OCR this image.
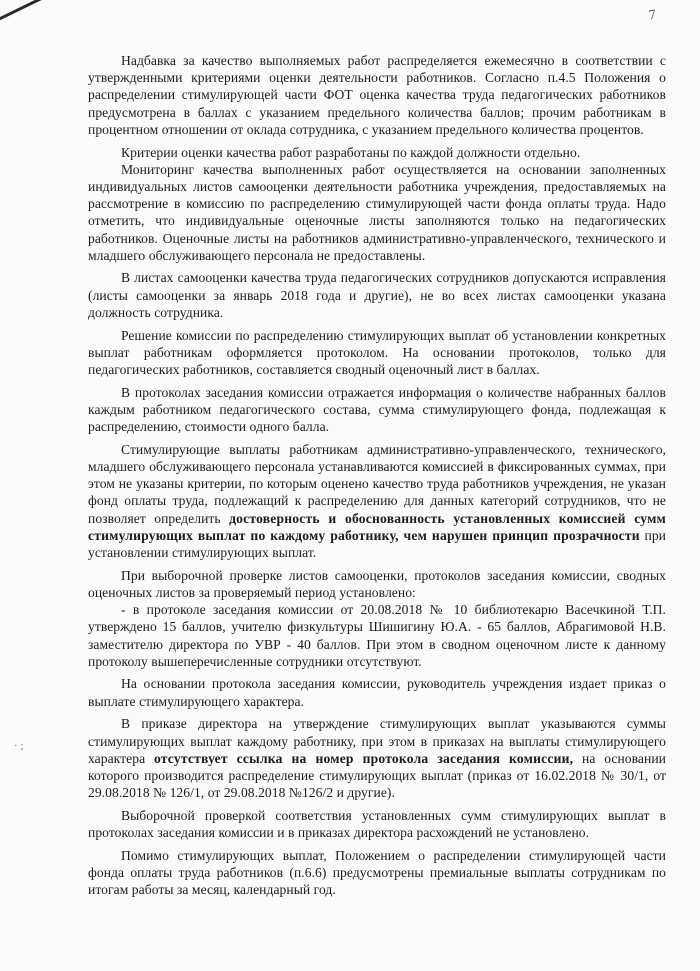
7
· ;

Надбавка за качество выполняемых работ распределяется ежемесячно в соответствии с утвержденными критериями оценки деятельности работников. Согласно п.4.5 Положения о распределении стимулирующей части ФОТ оценка качества труда педагогических работников предусмотрена в баллах с указанием предельного количества баллов; прочим работникам в процентном отношении от оклада сотрудника, с указанием предельного количества процентов.

Критерии оценки качества работ разработаны по каждой должности отдельно.

Мониторинг качества выполненных работ осуществляется на основании заполненных индивидуальных листов самооценки деятельности работника учреждения, предоставляемых на рассмотрение в комиссию по распределению стимулирующей части фонда оплаты труда. Надо отметить, что индивидуальные оценочные листы заполняются только на педагогических работников. Оценочные листы на работников административно-управленческого, технического и младшего обслуживающего персонала не предоставлены.

В листах самооценки качества труда педагогических сотрудников допускаются исправления (листы самооценки за январь 2018 года и другие), не во всех листах самооценки указана должность сотрудника.

Решение комиссии по распределению стимулирующих выплат об установлении конкретных выплат работникам оформляется протоколом. На основании протоколов, только для педагогических работников, составляется сводный оценочный лист в баллах.

В протоколах заседания комиссии отражается информация о количестве набранных баллов каждым работником педагогического состава, сумма стимулирующего фонда, подлежащая к распределению, стоимости одного балла.

Стимулирующие выплаты работникам административно-управленческого, технического, младшего обслуживающего персонала устанавливаются комиссией в фиксированных суммах, при этом не указаны критерии, по которым оценено качество труда работников учреждения, не указан фонд оплаты труда, подлежащий к распределению для данных категорий сотрудников, что не позволяет определить достоверность и обоснованность установленных комиссией сумм стимулирующих выплат по каждому работнику, чем нарушен принцип прозрачности при установлении стимулирующих выплат.

При выборочной проверке листов самооценки, протоколов заседания комиссии, сводных оценочных листов за проверяемый период установлено:

- в протоколе заседания комиссии от 20.08.2018 № 10 библиотекарю Васечкиной Т.П. утверждено 15 баллов, учителю физкультуры Шишигину Ю.А. - 65 баллов, Абрагимовой Н.В. заместителю директора по УВР - 40 баллов. При этом в сводном оценочном листе к данному протоколу вышеперечисленные сотрудники отсутствуют.

На основании протокола заседания комиссии, руководитель учреждения издает приказ о выплате стимулирующего характера.

В приказе директора на утверждение стимулирующих выплат указываются суммы стимулирующих выплат каждому работнику, при этом в приказах на выплаты стимулирующего характера отсутствует ссылка на номер протокола заседания комиссии, на основании которого производится распределение стимулирующих выплат (приказ от 16.02.2018 № 30/1, от 29.08.2018 № 126/1, от 29.08.2018 №126/2 и другие).

Выборочной проверкой соответствия установленных сумм стимулирующих выплат в протоколах заседания комиссии и в приказах директора расхождений не установлено.

Помимо стимулирующих выплат, Положением о распределении стимулирующей части фонда оплаты труда работников (п.6.6) предусмотрены премиальные выплаты сотрудникам по итогам работы за месяц, календарный год.
